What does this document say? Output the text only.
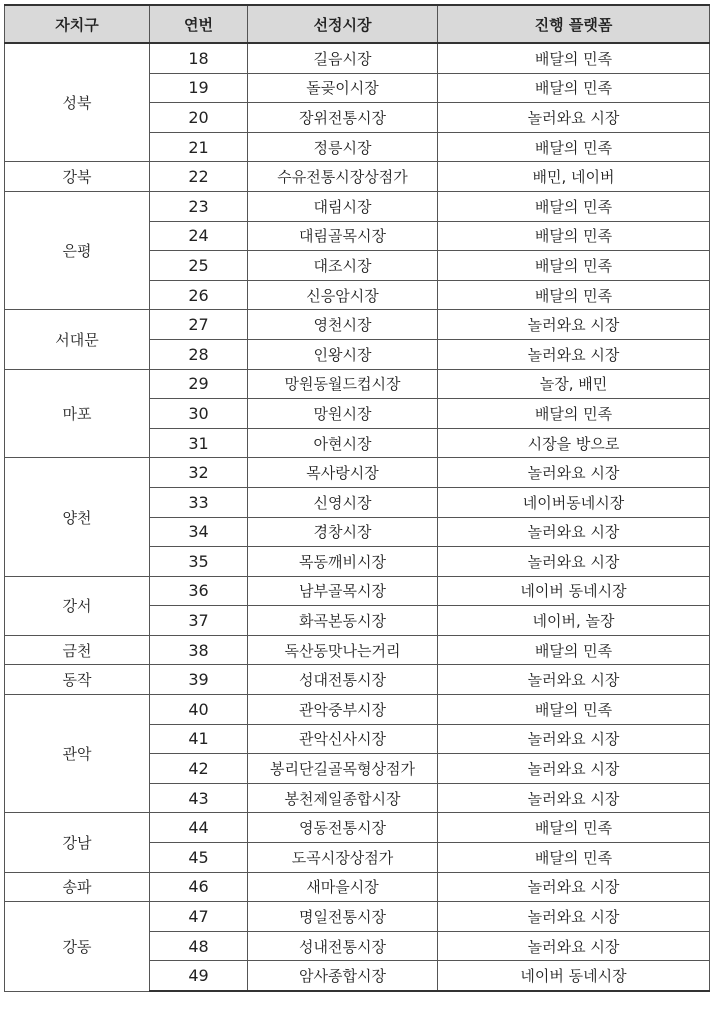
자치구	연번	선정시장	진행 플랫폼
성북	18	길음시장	배달의 민족
	19	돌곶이시장	배달의 민족
	20	장위전통시장	놀러와요 시장
	21	정릉시장	배달의 민족
강북	22	수유전통시장상점가	배민, 네이버
은평	23	대림시장	배달의 민족
	24	대림골목시장	배달의 민족
	25	대조시장	배달의 민족
	26	신응암시장	배달의 민족
서대문	27	영천시장	놀러와요 시장
	28	인왕시장	놀러와요 시장
마포	29	망원동월드컵시장	놀장, 배민
	30	망원시장	배달의 민족
	31	아현시장	시장을 방으로
양천	32	목사랑시장	놀러와요 시장
	33	신영시장	네이버동네시장
	34	경창시장	놀러와요 시장
	35	목동깨비시장	놀러와요 시장
강서	36	남부골목시장	네이버 동네시장
	37	화곡본동시장	네이버, 놀장
금천	38	독산동맛나는거리	배달의 민족
동작	39	성대전통시장	놀러와요 시장
관악	40	관악중부시장	배달의 민족
	41	관악신사시장	놀러와요 시장
	42	봉리단길골목형상점가	놀러와요 시장
	43	봉천제일종합시장	놀러와요 시장
강남	44	영동전통시장	배달의 민족
	45	도곡시장상점가	배달의 민족
송파	46	새마을시장	놀러와요 시장
강동	47	명일전통시장	놀러와요 시장
	48	성내전통시장	놀러와요 시장
	49	암사종합시장	네이버 동네시장
